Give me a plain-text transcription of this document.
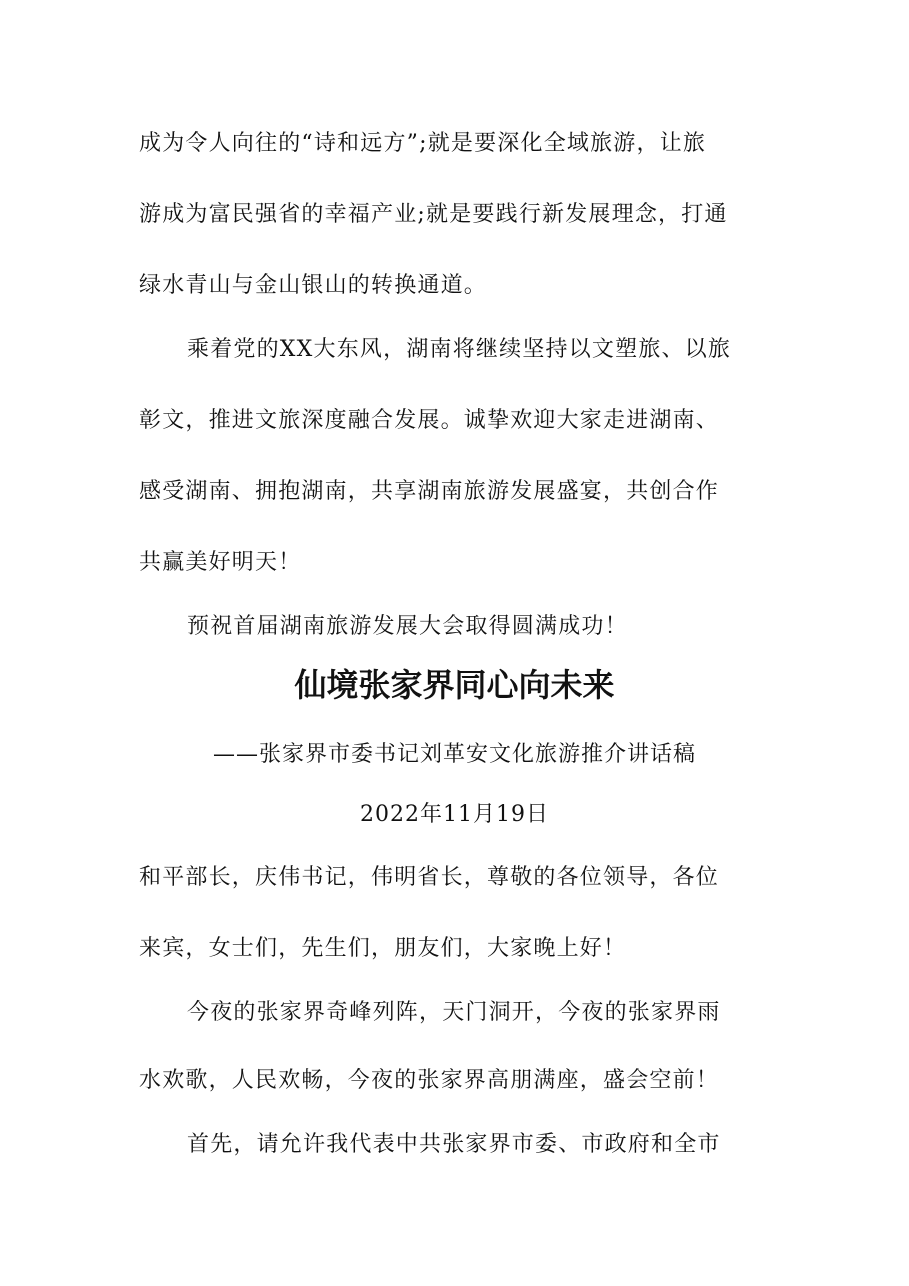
成为令人向往的“诗和远方”;就是要深化全域旅游，让旅
游成为富民强省的幸福产业;就是要践行新发展理念，打通
绿水青山与金山银山的转换通道。
乘着党的XX大东风，湖南将继续坚持以文塑旅、以旅
彰文，推进文旅深度融合发展。诚挚欢迎大家走进湖南、
感受湖南、拥抱湖南，共享湖南旅游发展盛宴，共创合作
共赢美好明天！
预祝首届湖南旅游发展大会取得圆满成功！
仙境张家界同心向未来
——张家界市委书记刘革安文化旅游推介讲话稿
2022年11月19日
和平部长，庆伟书记，伟明省长，尊敬的各位领导，各位
来宾，女士们，先生们，朋友们，大家晚上好！
今夜的张家界奇峰列阵，天门洞开，今夜的张家界雨
水欢歌，人民欢畅，今夜的张家界高朋满座，盛会空前！
首先，请允许我代表中共张家界市委、市政府和全市
